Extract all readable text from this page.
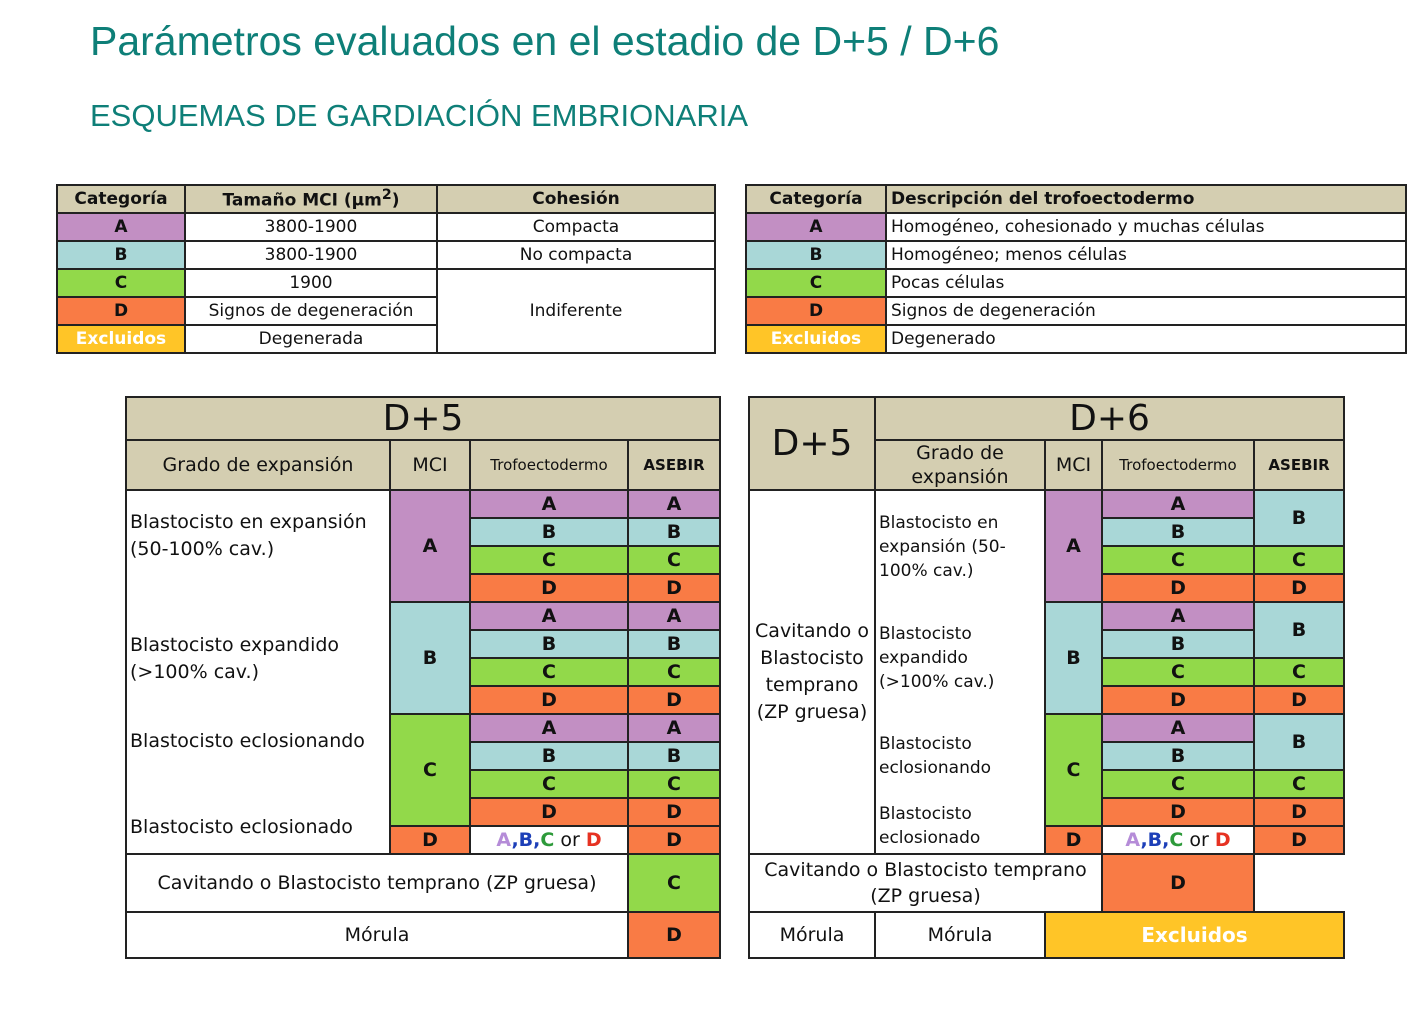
Parámetros evaluados en el estadio de D+5 / D+6
ESQUEMAS DE GARDIACIÓN EMBRIONARIA
Categoría	Tamaño MCI (µm$^2$)	Cohesión
A	3800-1900	Compacta
B	3800-1900	No compacta
C	1900	Indiferente
D	Signos de degeneración	
Excluidos	Degenerada	
Categoría	Descripción del trofoectodermo
A	Homogéneo, cohesionado y muchas células
B	Homogéneo; menos células
C	Pocas células
D	Signos de degeneración
Excluidos	Degenerado
D+5			
Grado de expansión	MCI	Trofoectodermo	ASEBIR
Blastocisto en expansión (50-100% cav.)	A	A	A
		B	B
		C	C
		D	D
Blastocisto expandido (>100% cav.)	B	A	A
		B	B
		C	C
		D	D
Blastocisto eclosionando	C	A	A
		B	B
		C	C
Blastocisto eclosionado		D	D
	D	A,B,C or D	D
Cavitando o Blastocisto temprano (ZP gruesa)			C
Mórula			D
D+5	D+6			
	Grado de expansión	MCI	Trofoectodermo	ASEBIR
Cavitando o Blastocisto temprano (ZP gruesa)	Blastocisto en expansión (50-100% cav.)	A	A	B
			B	
			C	C
			D	D
	Blastocisto expandido (>100% cav.)	B	A	B
			B	
			C	C
			D	D
	Blastocisto eclosionando	C	A	B
			B	
			C	C
	Blastocisto eclosionado		D	D
		D	A,B,C or D	D
Cavitando o Blastocisto temprano (ZP gruesa)			D	
Mórula	Mórula	Excluidos		
